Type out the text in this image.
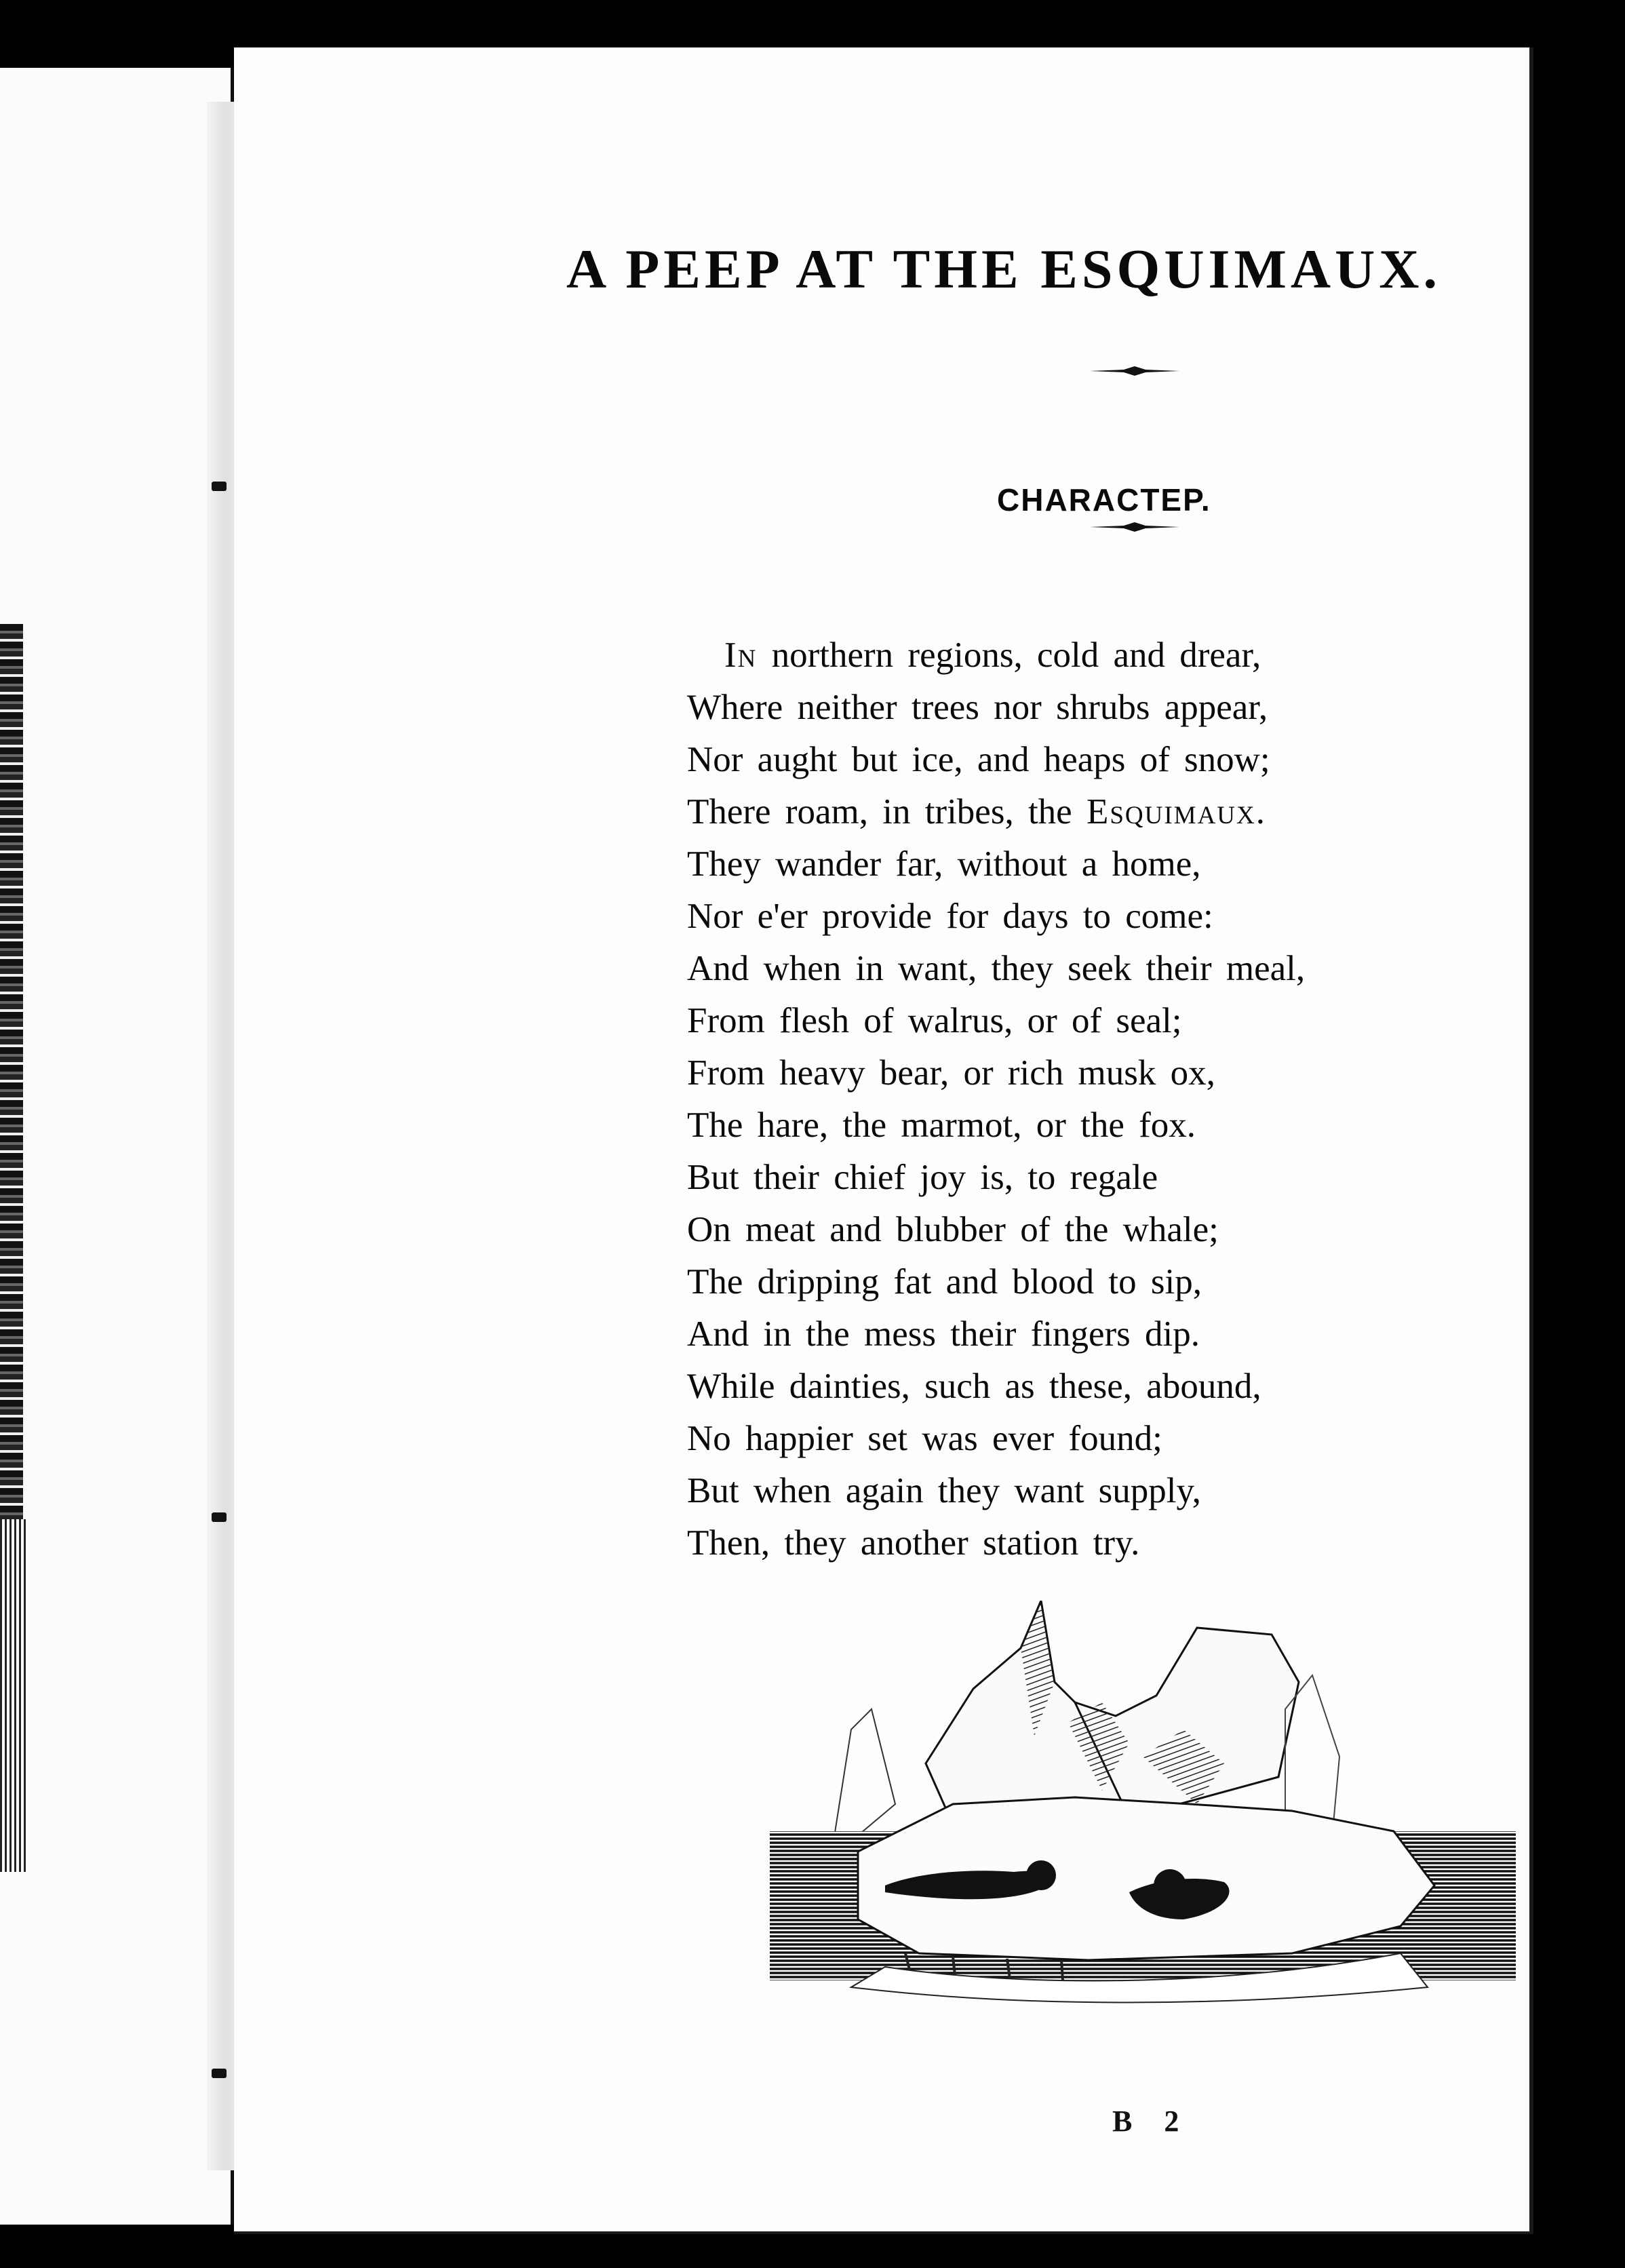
A PEEP AT THE ESQUIMAUX.
CHARACTEP.
In northern regions, cold and drear,
Where neither trees nor shrubs appear,
Nor aught but ice, and heaps of snow;
There roam, in tribes, the Esquimaux.
They wander far, without a home,
Nor e'er provide for days to come:
And when in want, they seek their meal,
From flesh of walrus, or of seal;
From heavy bear, or rich musk ox,
The hare, the marmot, or the fox.
But their chief joy is, to regale
On meat and blubber of the whale;
The dripping fat and blood to sip,
And in the mess their fingers dip.
While dainties, such as these, abound,
No happier set was ever found;
But when again they want supply,
Then, they another station try.
B 2
